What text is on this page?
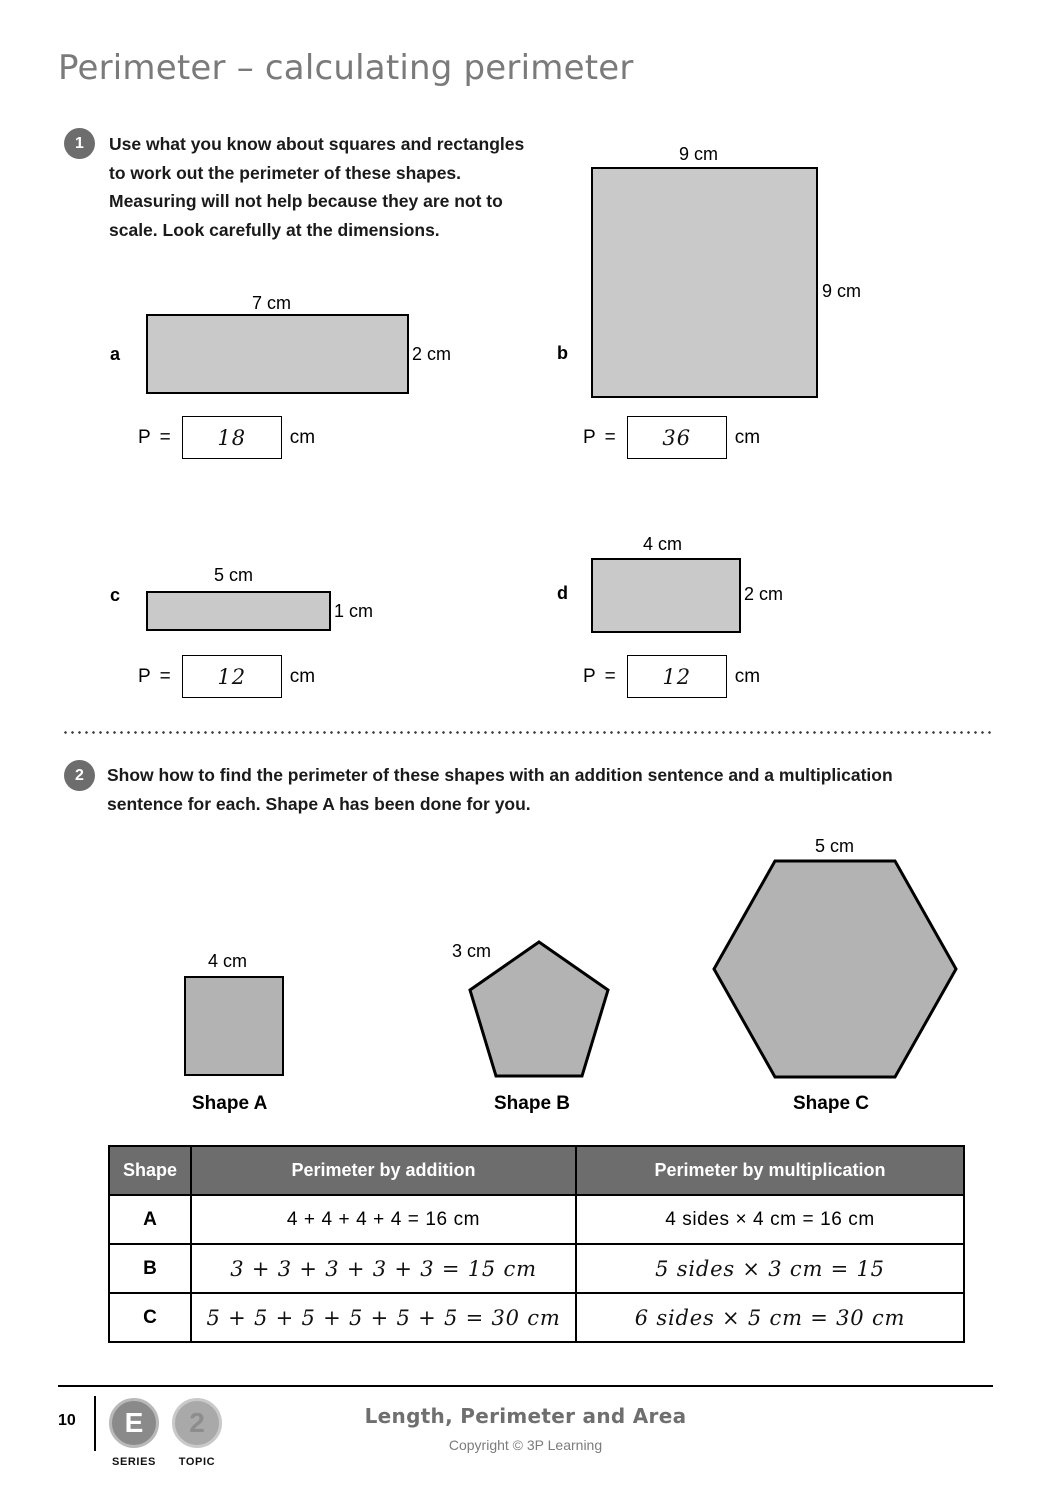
Perimeter – calculating perimeter
1	Use what you know about squares and rectangles to work out the perimeter of these shapes. Measuring will not help because they are not to scale. Look carefully at the dimensions.
a
7 cm
2 cm
P = 18 cm
b
9 cm
9 cm
P = 36 cm
c
5 cm
1 cm
P = 12 cm
d
4 cm
2 cm
P = 12 cm
2	Show how to find the perimeter of these shapes with an addition sentence and a multiplication sentence for each. Shape A has been done for you.
4 cm
Shape A
3 cm
Shape B
5 cm
Shape C
Shape	Perimeter by addition	Perimeter by multiplication
A	4 + 4 + 4 + 4 = 16 cm	4 sides × 4 cm = 16 cm
B	3 + 3 + 3 + 3 + 3 = 15 cm	5 sides × 3 cm = 15
C	5 + 5 + 5 + 5 + 5 + 5 = 30 cm	6 sides × 5 cm = 30 cm
10	E
SERIES
2
TOPIC
Length, Perimeter and Area
Copyright © 3P Learning
